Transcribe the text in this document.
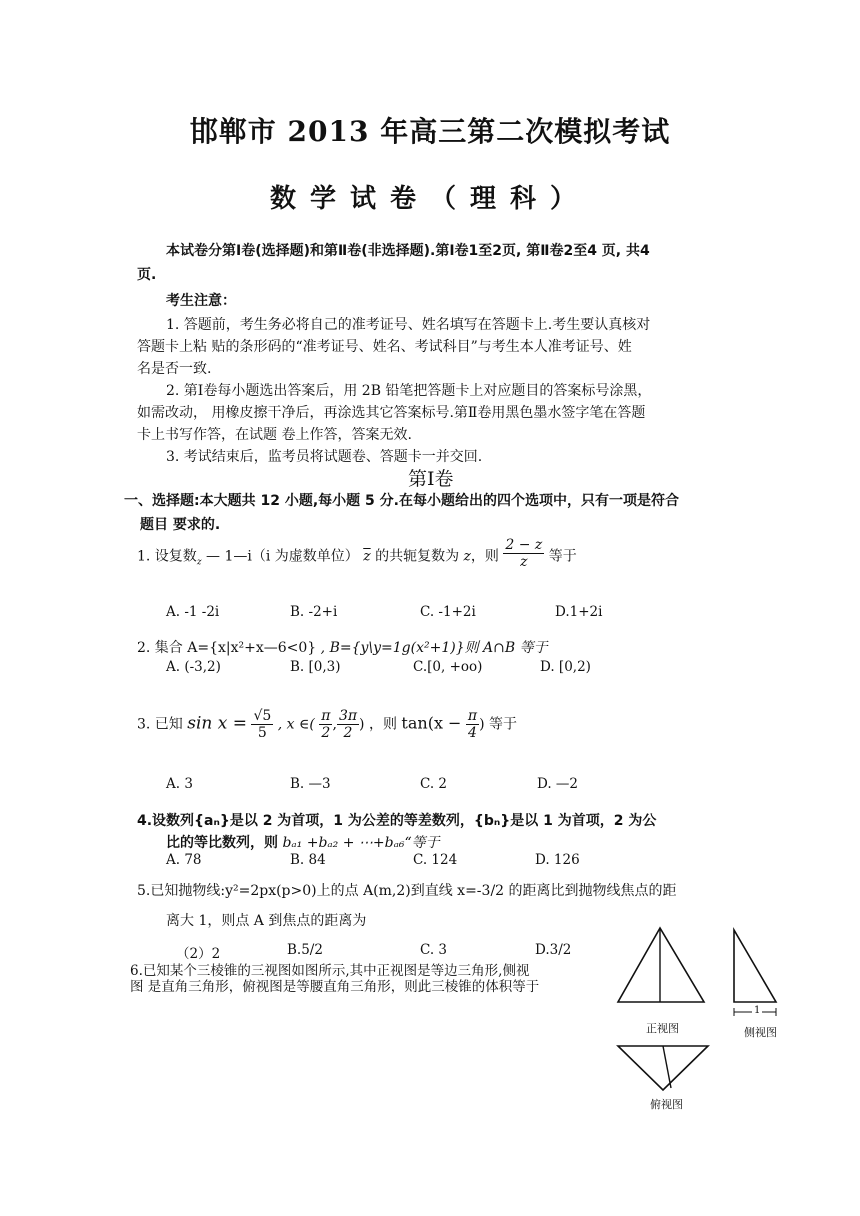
邯郸市 2013 年高三第二次模拟考试
数学试卷（理科）
本试卷分第Ⅰ卷(选择题)和第Ⅱ卷(非选择题).第Ⅰ卷1至2页, 第Ⅱ卷2至4 页, 共4
页.
考生注意：
1. 答题前，考生务必将自己的准考证号、姓名填写在答题卡上.考生要认真核对
答题卡上粘 贴的条形码的“准考证号、姓名、考试科目”与考生本人准考证号、姓
名是否一致.
2. 第Ⅰ卷每小题选出答案后，用 2B 铅笔把答题卡上对应题目的答案标号涂黑，
如需改动， 用橡皮擦干净后，再涂选其它答案标号.第Ⅱ卷用黑色墨水签字笔在答题
卡上书写作答，在试题 卷上作答，答案无效.
3. 考试结束后，监考员将试题卷、答题卡一并交回.
第Ⅰ卷
一、选择题:本大题共 12 小题,每小题 5 分.在每小题给出的四个选项中，只有一项是符合
题目 要求的.
1. 设复数$_z$ — 1—i（i 为虚数单位） $\overline{z}$ 的共轭复数为 z，则 $\frac{2 - z}{z}$ 等于
A. -1 -2i	B. -2+i	C. -1+2i	D.1+2i
2. 集合 A={x|x²+x—6<0} , B={y\y=1g(x²+1)}则 A∩B 等于
A. (-3,2)	B. [0,3)	C.[0, +oo)	D. [0,2)
3. 已知 $\sin x = \frac{√5}{5}$ , x ∈( $\frac{\pi}{2}$ , $\frac{3\pi}{2}$ ) ，则 $\tan(x - \frac{\pi}{4}$ ) 等于
A. 3	B. —3	C. 2	D. —2
4.设数列{aₙ}是以 2 为首项，1 为公差的等差数列，{bₙ}是以 1 为首项，2 为公
比的等比数列，则 bₐ₁ +bₐ₂ + ⋯+bₐ₆“等于
A. 78	B. 84	C. 124	D. 126
5.已知抛物线:y²=2px(p>0)上的点 A(m,2)到直线 x=-3/2 的距离比到抛物线焦点的距
离大 1，则点 A 到焦点的距离为
（2）2	B.5/2	C. 3	D.3/2
6.已知某个三棱锥的三视图如图所示,其中正视图是等边三角形,侧视
图 是直角三角形，俯视图是等腰直角三角形，则此三棱锥的体积等于
正视图	侧视图
俯视图
1
